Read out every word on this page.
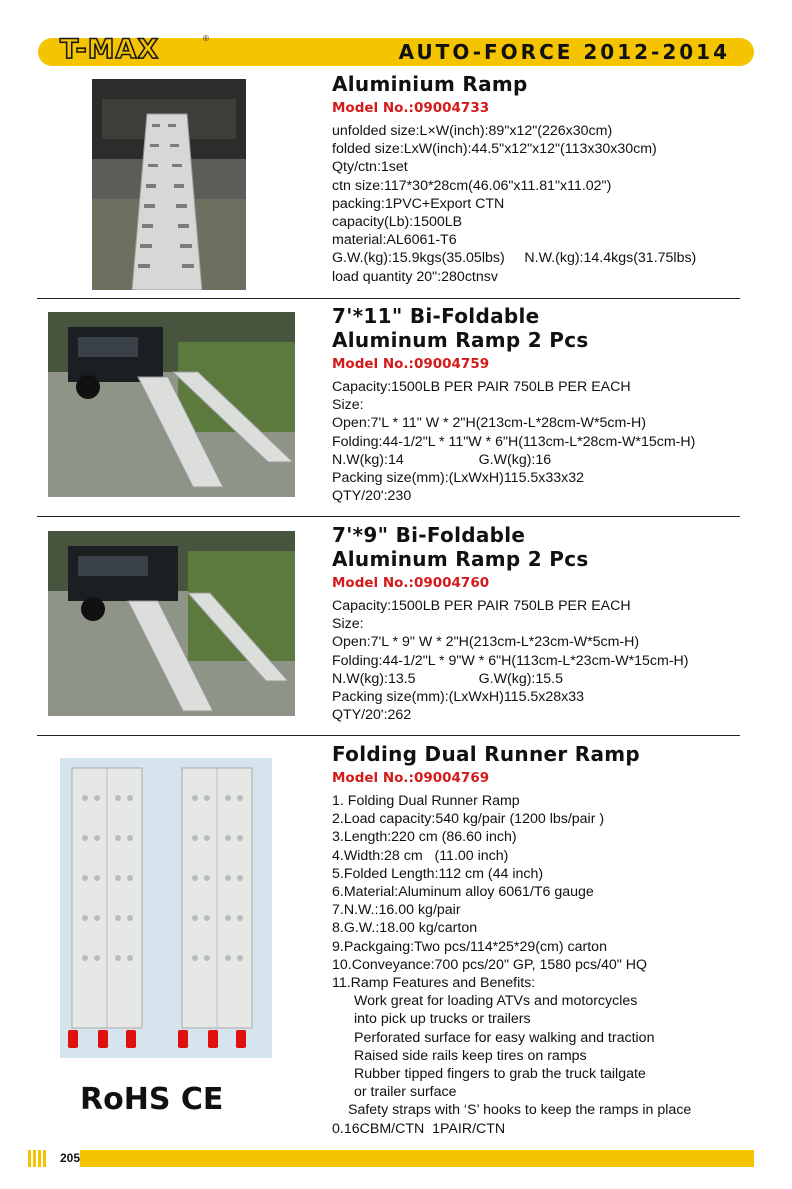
T-MAX	®
AUTO-FORCE 2012-2014
Aluminium Ramp
Model No.:09004733
unfolded size:L×W(inch):89"x12"(226x30cm)
folded size:LxW(inch):44.5"x12"x12"(113x30x30cm)
Qty/ctn:1set
ctn size:117*30*28cm(46.06"x11.81"x11.02")
packing:1PVC+Export CTN
capacity(Lb):1500LB
material:AL6061-T6
G.W.(kg):15.9kgs(35.05lbs)     N.W.(kg):14.4kgs(31.75lbs)
load quantity 20":280ctnsv
7'*11" Bi-Foldable
Aluminum Ramp 2 Pcs
Model No.:09004759
Capacity:1500LB PER PAIR 750LB PER EACH
Size:
Open:7'L * 11" W * 2"H(213cm-L*28cm-W*5cm-H)
Folding:44-1/2"L * 11"W * 6"H(113cm-L*28cm-W*15cm-H)
N.W(kg):14                   G.W(kg):16
Packing size(mm):(LxWxH)115.5x33x32
QTY/20':230
7'*9" Bi-Foldable
Aluminum Ramp 2 Pcs
Model No.:09004760
Capacity:1500LB PER PAIR 750LB PER EACH
Size:
Open:7'L * 9" W * 2"H(213cm-L*23cm-W*5cm-H)
Folding:44-1/2"L * 9"W * 6"H(113cm-L*23cm-W*15cm-H)
N.W(kg):13.5                G.W(kg):15.5
Packing size(mm):(LxWxH)115.5x28x33
QTY/20':262
RoHS CE
Folding Dual Runner Ramp
Model No.:09004769
1. Folding Dual Runner Ramp
2.Load capacity:540 kg/pair (1200 lbs/pair )
3.Length:220 cm (86.60 inch)
4.Width:28 cm   (11.00 inch)
5.Folded Length:112 cm (44 inch)
6.Material:Aluminum alloy 6061/T6 gauge
7.N.W.:16.00 kg/pair
8.G.W.:18.00 kg/carton
9.Packgaing:Two pcs/114*25*29(cm) carton
10.Conveyance:700 pcs/20" GP, 1580 pcs/40" HQ
11.Ramp Features and Benefits:
Work great for loading ATVs and motorcycles
into pick up trucks or trailers
Perforated surface for easy walking and traction
Raised side rails keep tires on ramps
Rubber tipped fingers to grab the truck tailgate
or trailer surface
Safety straps with ‘S’ hooks to keep the ramps in place
0.16CBM/CTN  1PAIR/CTN
205
